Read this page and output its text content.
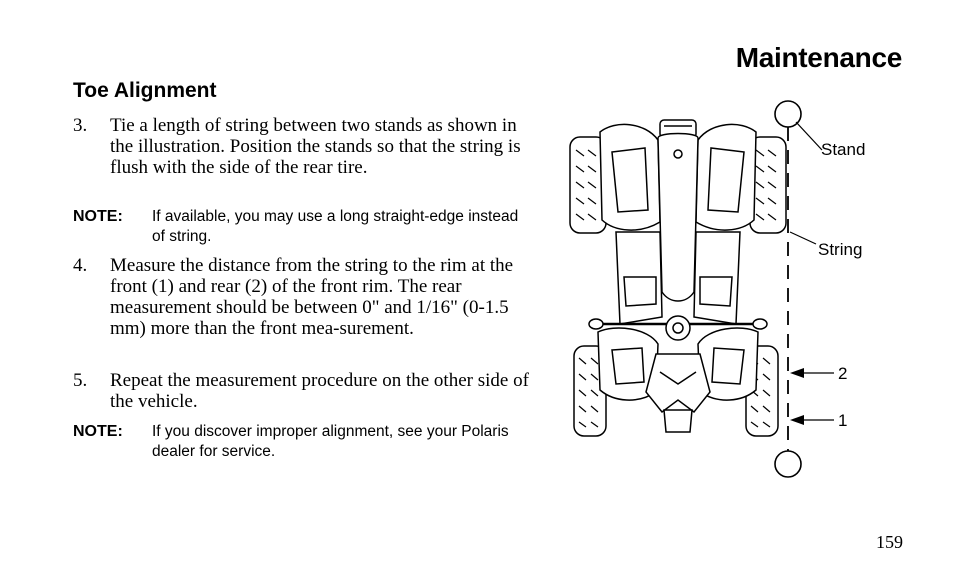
Maintenance
Toe Alignment
3. Tie a length of string between two stands as shown in the illustration. Position the stands so that the string is flush with the side of the rear tire.
NOTE: If available, you may use a long straight-edge instead of string.
4. Measure the distance from the string to the rim at the front (1) and rear (2) of the front rim. The rear measurement should be between 0" and 1/16" (0-1.5 mm) more than the front mea-surement.
5. Repeat the measurement procedure on the other side of the vehicle.
NOTE: If you discover improper alignment, see your Polaris dealer for service.
Stand
String
2
1
159
